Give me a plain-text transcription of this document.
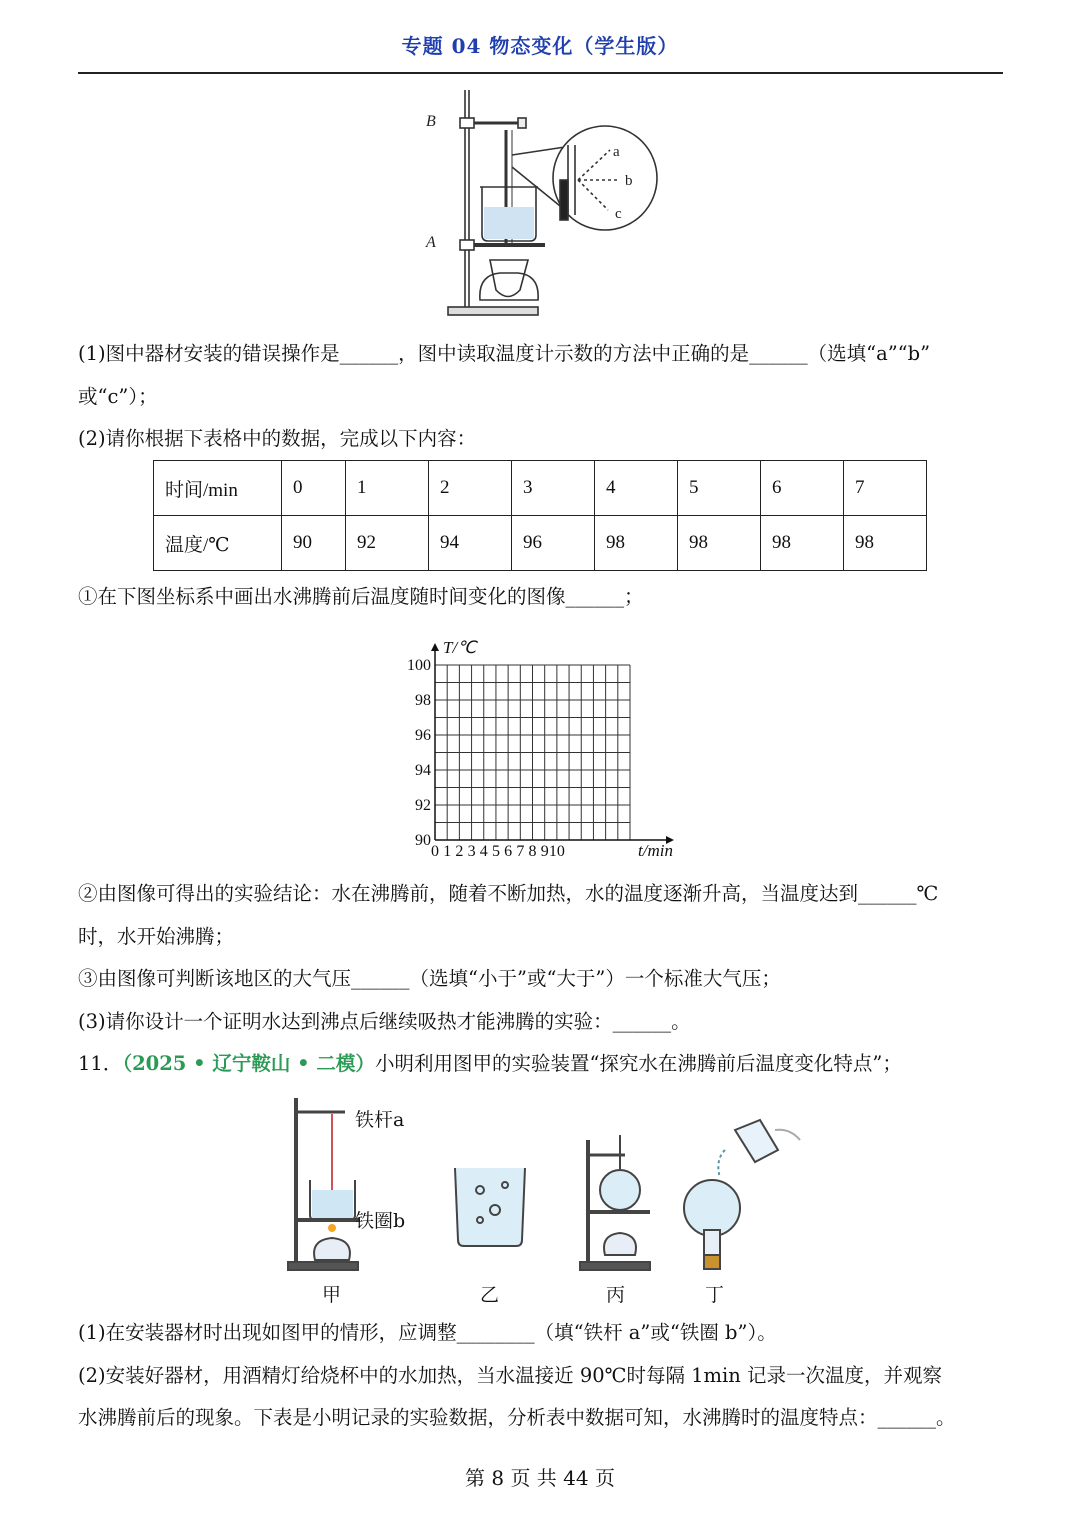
专题 04 物态变化（学生版）
B
A
a
b
c
(1)图中器材安装的错误操作是______，图中读取温度计示数的方法中正确的是______（选填“a”“b”
或“c”）；
(2)请你根据下表格中的数据，完成以下内容：
时间/min	0	1	2	3	4	5	6	7
温度/℃	90	92	94	96	98	98	98	98
①在下图坐标系中画出水沸腾前后温度随时间变化的图像______；
0 1 2 3 4 5 6 7 8 9 10
90
92
94
96
98
100
T/℃
t/min
②由图像可得出的实验结论：水在沸腾前，随着不断加热，水的温度逐渐升高，当温度达到______℃
时，水开始沸腾；
③由图像可判断该地区的大气压______（选填“小于”或“大于”）一个标准大气压；
(3)请你设计一个证明水达到沸点后继续吸热才能沸腾的实验：______。
11．（2025 • 辽宁鞍山 • 二模）小明利用图甲的实验装置“探究水在沸腾前后温度变化特点”；
铁杆a
铁圈b
甲	乙	丙	丁
(1)在安装器材时出现如图甲的情形，应调整________（填“铁杆 a”或“铁圈 b”）。
(2)安装好器材，用酒精灯给烧杯中的水加热，当水温接近 90℃时每隔 1min 记录一次温度，并观察
水沸腾前后的现象。下表是小明记录的实验数据，分析表中数据可知，水沸腾时的温度特点：______。
第 8 页 共 44 页
